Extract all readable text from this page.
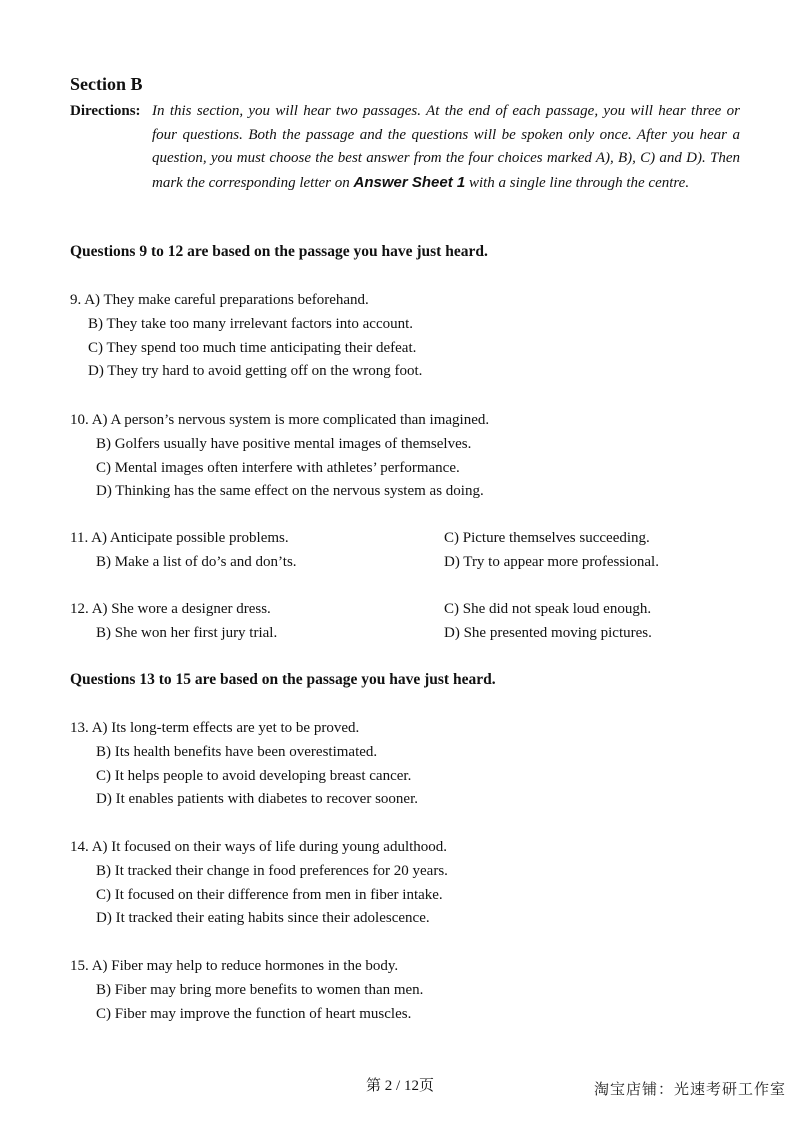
Section B
Directions: In this section, you will hear two passages. At the end of each passage, you will hear three or four questions. Both the passage and the questions will be spoken only once. After you hear a question, you must choose the best answer from the four choices marked A), B), C) and D). Then mark the corresponding letter on Answer Sheet 1 with a single line through the centre.
Questions 9 to 12 are based on the passage you have just heard.
9. A) They make careful preparations beforehand.
B) They take too many irrelevant factors into account.
C) They spend too much time anticipating their defeat.
D) They try hard to avoid getting off on the wrong foot.
10. A) A person’s nervous system is more complicated than imagined.
B) Golfers usually have positive mental images of themselves.
C) Mental images often interfere with athletes’ performance.
D) Thinking has the same effect on the nervous system as doing.
11. A) Anticipate possible problems.	C) Picture themselves succeeding.
B) Make a list of do’s and don’ts.	D) Try to appear more professional.
12. A) She wore a designer dress.	C) She did not speak loud enough.
B) She won her first jury trial.	D) She presented moving pictures.
Questions 13 to 15 are based on the passage you have just heard.
13. A) Its long-term effects are yet to be proved.
B) Its health benefits have been overestimated.
C) It helps people to avoid developing breast cancer.
D) It enables patients with diabetes to recover sooner.
14. A) It focused on their ways of life during young adulthood.
B) It tracked their change in food preferences for 20 years.
C) It focused on their difference from men in fiber intake.
D) It tracked their eating habits since their adolescence.
15. A) Fiber may help to reduce hormones in the body.
B) Fiber may bring more benefits to women than men.
C) Fiber may improve the function of heart muscles.
第 2 / 12页	淘宝店铺：光速考研工作室
